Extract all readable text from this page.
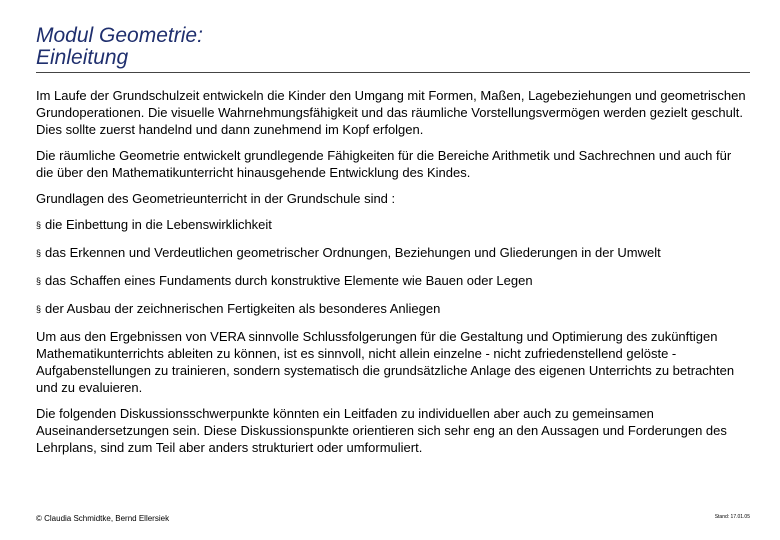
Modul Geometrie:
Einleitung

Im Laufe der Grundschulzeit entwickeln die Kinder den Umgang mit Formen, Maßen, Lagebeziehungen und geometrischen Grundoperationen. Die visuelle Wahrnehmungsfähigkeit und das räumliche Vorstellungsvermögen werden gezielt geschult. Dies sollte zuerst handelnd und dann zunehmend im Kopf erfolgen.

Die räumliche Geometrie entwickelt grundlegende Fähigkeiten für die Bereiche Arithmetik und Sachrechnen und auch für die über den Mathematikunterricht hinausgehende Entwicklung des Kindes.

Grundlagen des Geometrieunterricht in der Grundschule sind :

§ die Einbettung in die Lebenswirklichkeit
§ das Erkennen und Verdeutlichen geometrischer Ordnungen, Beziehungen und Gliederungen in der Umwelt
§ das Schaffen eines Fundaments durch konstruktive Elemente wie Bauen oder Legen
§ der Ausbau der zeichnerischen Fertigkeiten als besonderes Anliegen

Um aus den Ergebnissen von VERA sinnvolle Schlussfolgerungen für die Gestaltung und Optimierung des zukünftigen Mathematikunterrichts ableiten zu können, ist es sinnvoll, nicht allein einzelne - nicht zufriedenstellend gelöste - Aufgabenstellungen zu trainieren, sondern systematisch die grundsätzliche Anlage des eigenen Unterrichts zu betrachten und zu evaluieren.

Die folgenden Diskussionsschwerpunkte könnten ein Leitfaden zu individuellen aber auch zu gemeinsamen Auseinandersetzungen sein. Diese Diskussionspunkte orientieren sich sehr eng an den Aussagen und Forderungen des Lehrplans, sind zum Teil aber anders strukturiert oder umformuliert.

© Claudia Schmidtke, Bernd Ellersiek	Stand: 17.01.05
